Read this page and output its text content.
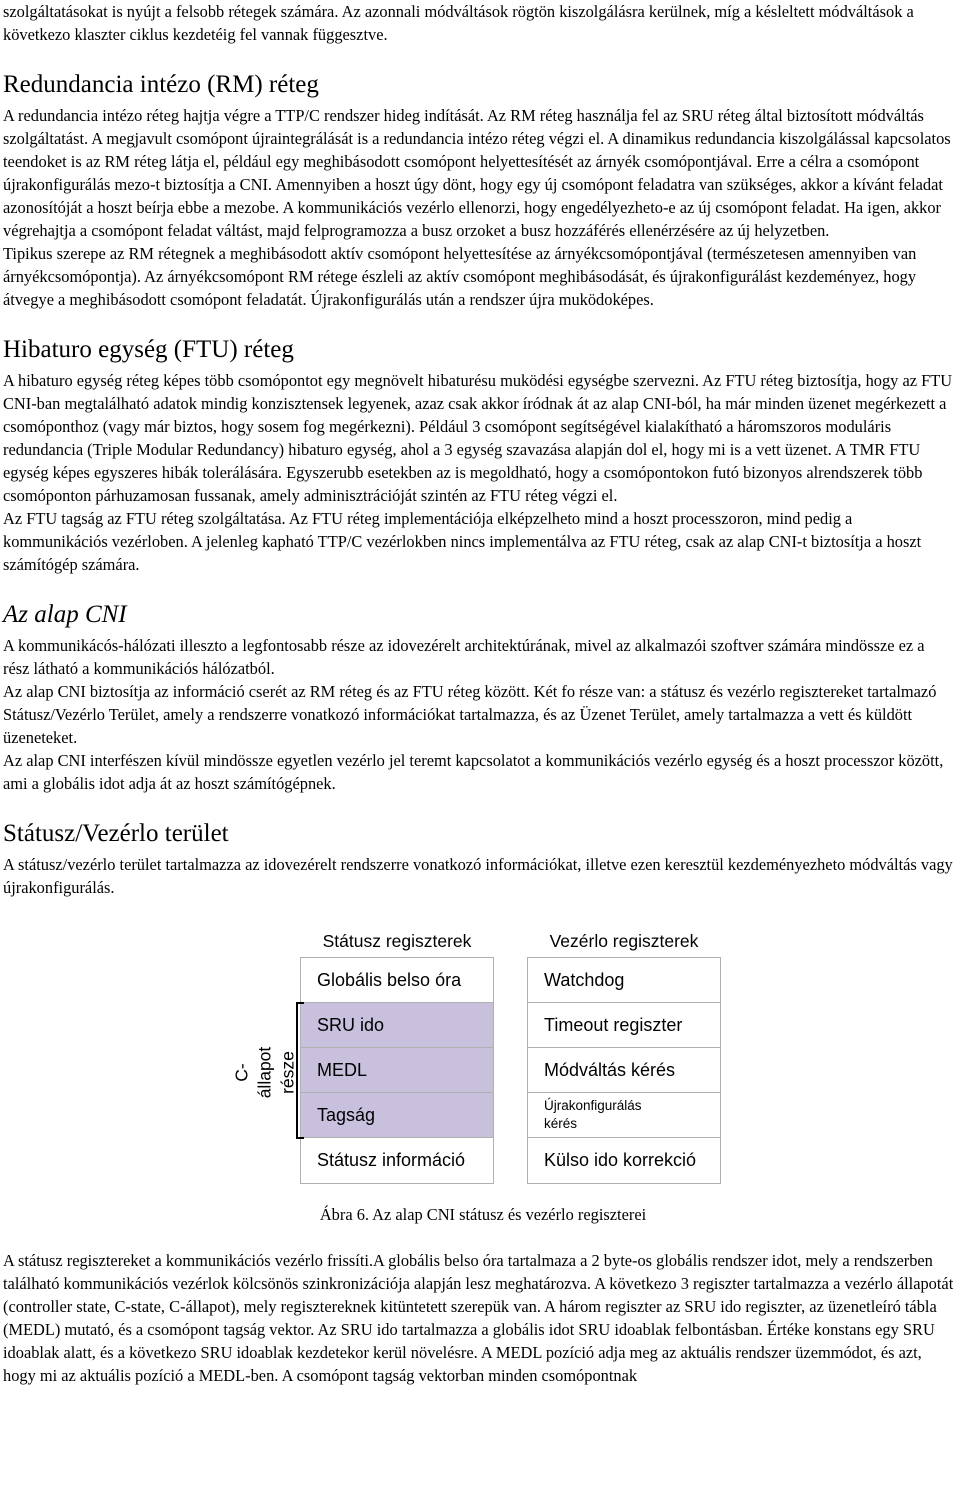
szolgáltatásokat is nyújt a felsobb rétegek számára. Az azonnali módváltások rögtön kiszolgálásra kerülnek, míg a késleltett módváltások a következo klaszter ciklus kezdetéig fel vannak függesztve.

Redundancia intézo (RM) réteg

A redundancia intézo réteg hajtja végre a TTP/C rendszer hideg indítását. Az RM réteg használja fel az SRU réteg által biztosított módváltás szolgáltatást. A megjavult csomópont újraintegrálását is a redundancia intézo réteg végzi el. A dinamikus redundancia kiszolgálással kapcsolatos teendoket is az RM réteg látja el, például egy meghibásodott csomópont helyettesítését az árnyék csomópontjával. Erre a célra a csomópont újrakonfigurálás mezo-t biztosítja a CNI. Amennyiben a hoszt úgy dönt, hogy egy új csomópont feladatra van szükséges, akkor a kívánt feladat azonosítóját a hoszt beírja ebbe a mezobe. A kommunikációs vezérlo ellenorzi, hogy engedélyezheto-e az új csomópont feladat. Ha igen, akkor végrehajtja a csomópont feladat váltást, majd felprogramozza a busz orzoket a busz hozzáférés ellenérzésére az új helyzetben.

Tipikus szerepe az RM rétegnek a meghibásodott aktív csomópont helyettesítése az árnyékcsomópontjával (természetesen amennyiben van árnyékcsomópontja). Az árnyékcsomópont RM rétege észleli az aktív csomópont meghibásodását, és újrakonfigurálást kezdeményez, hogy átvegye a meghibásodott csomópont feladatát. Újrakonfigurálás után a rendszer újra muködoképes.

Hibaturo egység (FTU) réteg

A hibaturo egység réteg képes több csomópontot egy megnövelt hibaturésu muködési egységbe szervezni. Az FTU réteg biztosítja, hogy az FTU CNI-ban megtalálható adatok mindig konzisztensek legyenek, azaz csak akkor íródnak át az alap CNI-ból, ha már minden üzenet megérkezett a csomóponthoz (vagy már biztos, hogy sosem fog megérkezni). Például 3 csomópont segítségével kialakítható a háromszoros moduláris redundancia (Triple Modular Redundancy) hibaturo egység, ahol a 3 egység szavazása alapján dol el, hogy mi is a vett üzenet. A TMR FTU egység képes egyszeres hibák tolerálására. Egyszerubb esetekben az is megoldható, hogy a csomópontokon futó bizonyos alrendszerek több csomóponton párhuzamosan fussanak, amely adminisztrációját szintén az FTU réteg végzi el.

Az FTU tagság az FTU réteg szolgáltatása. Az FTU réteg implementációja elképzelheto mind a hoszt processzoron, mind pedig a kommunikációs vezérloben. A jelenleg kapható TTP/C vezérlokben nincs implementálva az FTU réteg, csak az alap CNI-t biztosítja a hoszt számítógép számára.

Az alap CNI

A kommunikácós-hálózati illeszto a legfontosabb része az idovezérelt architektúrának, mivel az alkalmazói szoftver számára mindössze ez a rész látható a kommunikációs hálózatból.

Az alap CNI biztosítja az információ cserét az RM réteg és az FTU réteg között. Két fo része van: a státusz és vezérlo regisztereket tartalmazó Státusz/Vezérlo Terület, amely a rendszerre vonatkozó információkat tartalmazza, és az Üzenet Terület, amely tartalmazza a vett és küldött üzeneteket.

Az alap CNI interfészen kívül mindössze egyetlen vezérlo jel teremt kapcsolatot a kommunikációs vezérlo egység és a hoszt processzor között, ami a globális idot adja át az hoszt számítógépnek.

Státusz/Vezérlo terület

A státusz/vezérlo terület tartalmazza az idovezérelt rendszerre vonatkozó információkat, illetve ezen keresztül kezdeményezheto módváltás vagy újrakonfigurálás.

Státusz regiszterek	Vezérlo regiszterek
Globális belso óra
SRU ido
MEDL
Tagság
Státusz információ
Watchdog
Timeout regiszter
Módváltás kérés
Újrakonfigurálás
kérés
Külso ido korrekció
C-állapot
része
Ábra 6. Az alap CNI státusz és vezérlo regiszterei

A státusz regisztereket a kommunikációs vezérlo frissíti.A globális belso óra tartalmaza a 2 byte-os globális rendszer idot, mely a rendszerben található kommunikációs vezérlok kölcsönös szinkronizációja alapján lesz meghatározva. A következo 3 regiszter tartalmazza a vezérlo állapotát (controller state, C-state, C-állapot), mely regisztereknek kitüntetett szerepük van. A három regiszter az SRU ido regiszter, az üzenetleíró tábla (MEDL) mutató, és a csomópont tagság vektor. Az SRU ido tartalmazza a globális idot SRU idoablak felbontásban. Értéke konstans egy SRU idoablak alatt, és a következo SRU idoablak kezdetekor kerül növelésre. A MEDL pozíció adja meg az aktuális rendszer üzemmódot, és azt, hogy mi az aktuális pozíció a MEDL-ben. A csomópont tagság vektorban minden csomópontnak
